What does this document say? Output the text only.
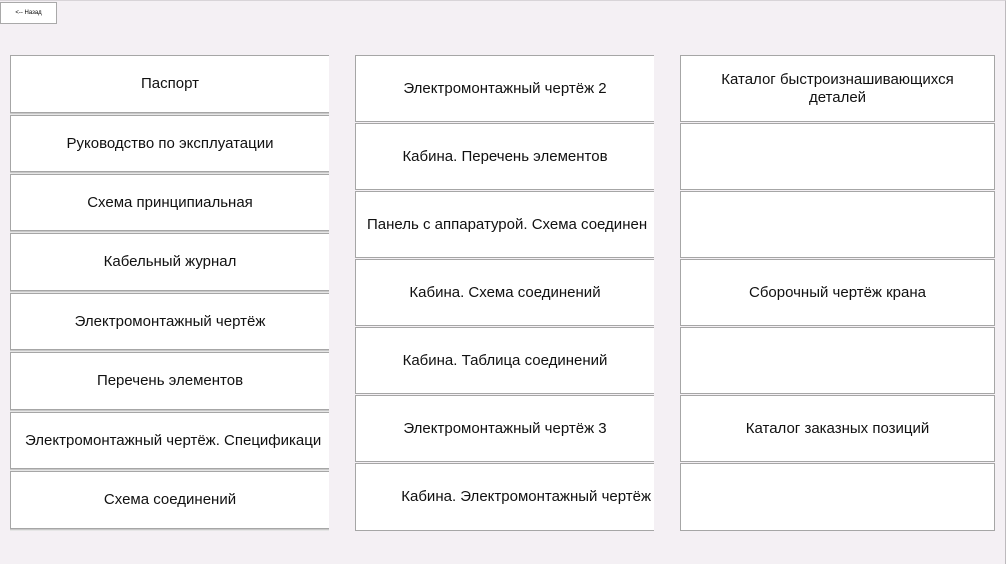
<-- Назад
Паспорт
Руководство по эксплуатации
Схема принципиальная
Кабельный журнал
Электромонтажный чертёж
Перечень элементов
Электромонтажный чертёж. Спецификаци
Схема соединений
Электромонтажный чертёж 2
Кабина. Перечень элементов
Панель с аппаратурой. Схема соединен
Кабина. Схема соединений
Кабина. Таблица соединений
Электромонтажный чертёж 3
Кабина. Электромонтажный чертёж
Каталог быстроизнашивающихся деталей
Сборочный чертёж крана
Каталог заказных позиций
